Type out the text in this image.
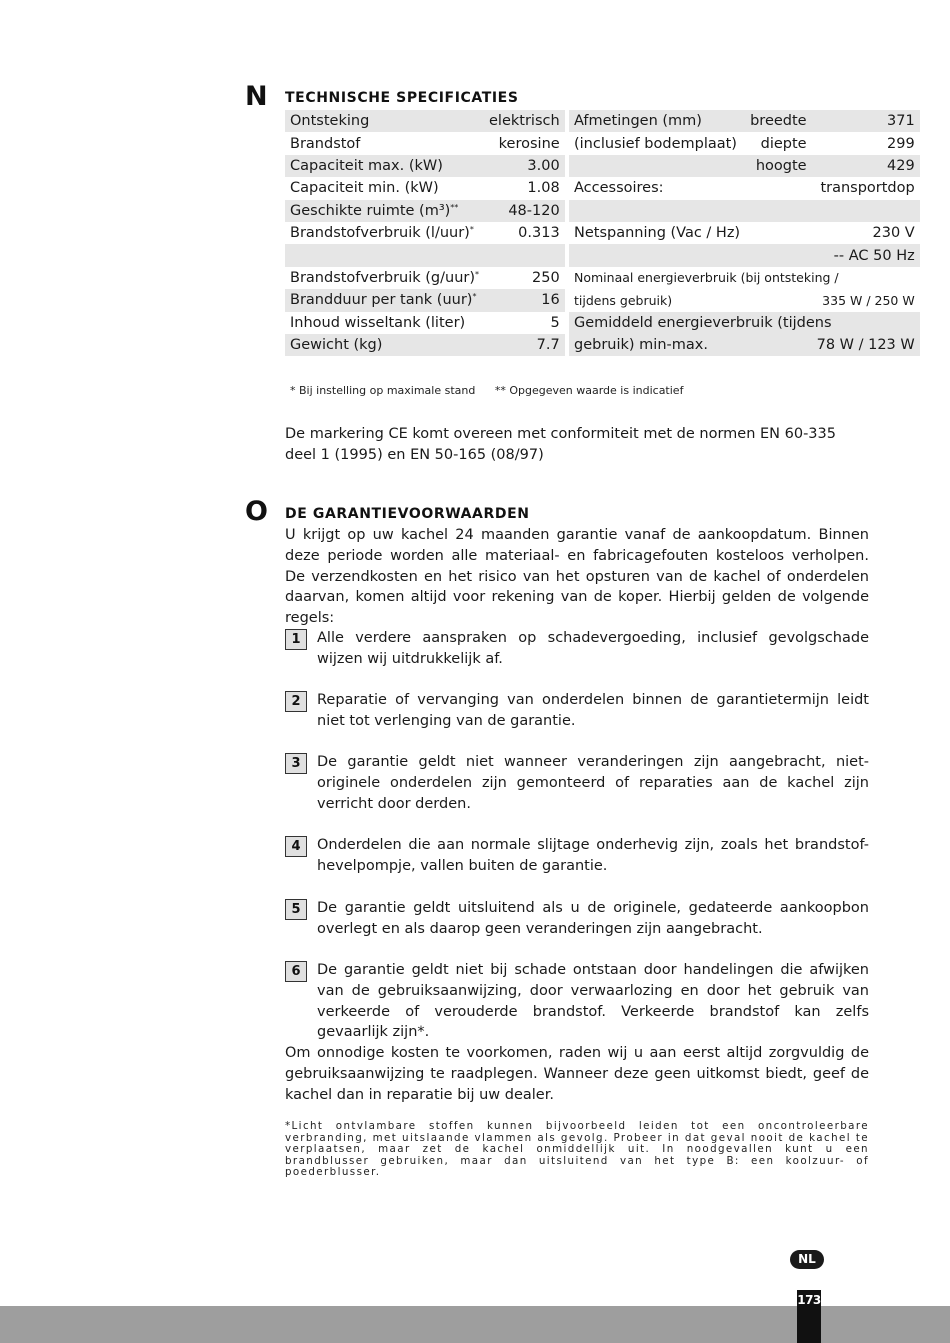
N TECHNISCHE SPECIFICATIES
Ontsteking	elektrisch
Brandstof	kerosine
Capaciteit max. (kW)	3.00
Capaciteit min. (kW)	1.08
Geschikte ruimte (m³)**	48-120
Brandstofverbruik (l/uur)*	0.313

Brandstofverbruik (g/uur)*	250
Brandduur per tank (uur)*	16
Inhoud wisseltank (liter)	5
Gewicht (kg)	7.7
Afmetingen (mm)	breedte	371
(inclusief bodemplaat)	diepte	299
	hoogte	429
Accessoires:		transportdop

Netspanning (Vac / Hz)		230 V
		-- AC 50 Hz
Nominaal energieverbruik (bij ontsteking /		
tijdens gebruik)		335 W / 250 W
Gemiddeld energieverbruik (tijdens		
gebruik) min-max.		78 W / 123 W
* Bij instelling op maximale stand ** Opgegeven waarde is indicatief

De markering CE komt overeen met conformiteit met de normen EN 60-335 deel 1 (1995) en EN 50-165 (08/97)

O DE GARANTIEVOORWAARDEN

U krijgt op uw kachel 24 maanden garantie vanaf de aankoopdatum. Binnen deze periode worden alle materiaal- en fabricagefouten kosteloos verholpen. De verzendkosten en het risico van het opsturen van de kachel of onderdelen daarvan, komen altijd voor rekening van de koper. Hierbij gelden de volgende regels:

1	Alle verdere aanspraken op schadevergoeding, inclusief gevolgschade wijzen wij uitdrukkelijk af.

2	Reparatie of vervanging van onderdelen binnen de garantietermijn leidt niet tot verlenging van de garantie.

3	De garantie geldt niet wanneer veranderingen zijn aangebracht, niet-originele onderdelen zijn gemonteerd of reparaties aan de kachel zijn verricht door derden.

4	Onderdelen die aan normale slijtage onderhevig zijn, zoals het brandstof-hevelpompje, vallen buiten de garantie.

5	De garantie geldt uitsluitend als u de originele, gedateerde aankoopbon overlegt en als daarop geen veranderingen zijn aangebracht.

6	De garantie geldt niet bij schade ontstaan door handelingen die afwijken van de gebruiksaanwijzing, door verwaarlozing en door het gebruik van verkeerde of verouderde brandstof. Verkeerde brandstof kan zelfs gevaarlijk zijn*.

Om onnodige kosten te voorkomen, raden wij u aan eerst altijd zorgvuldig de gebruiksaanwijzing te raadplegen. Wanneer deze geen uitkomst biedt, geef de kachel dan in reparatie bij uw dealer.

*Licht ontvlambare stoffen kunnen bijvoorbeeld leiden tot een oncontroleerbare verbranding, met uitslaande vlammen als gevolg. Probeer in dat geval nooit de kachel te verplaatsen, maar zet de kachel onmiddellijk uit. In noodgevallen kunt u een brandblusser gebruiken, maar dan uitsluitend van het type B: een koolzuur- of poederblusser.

NL
173
